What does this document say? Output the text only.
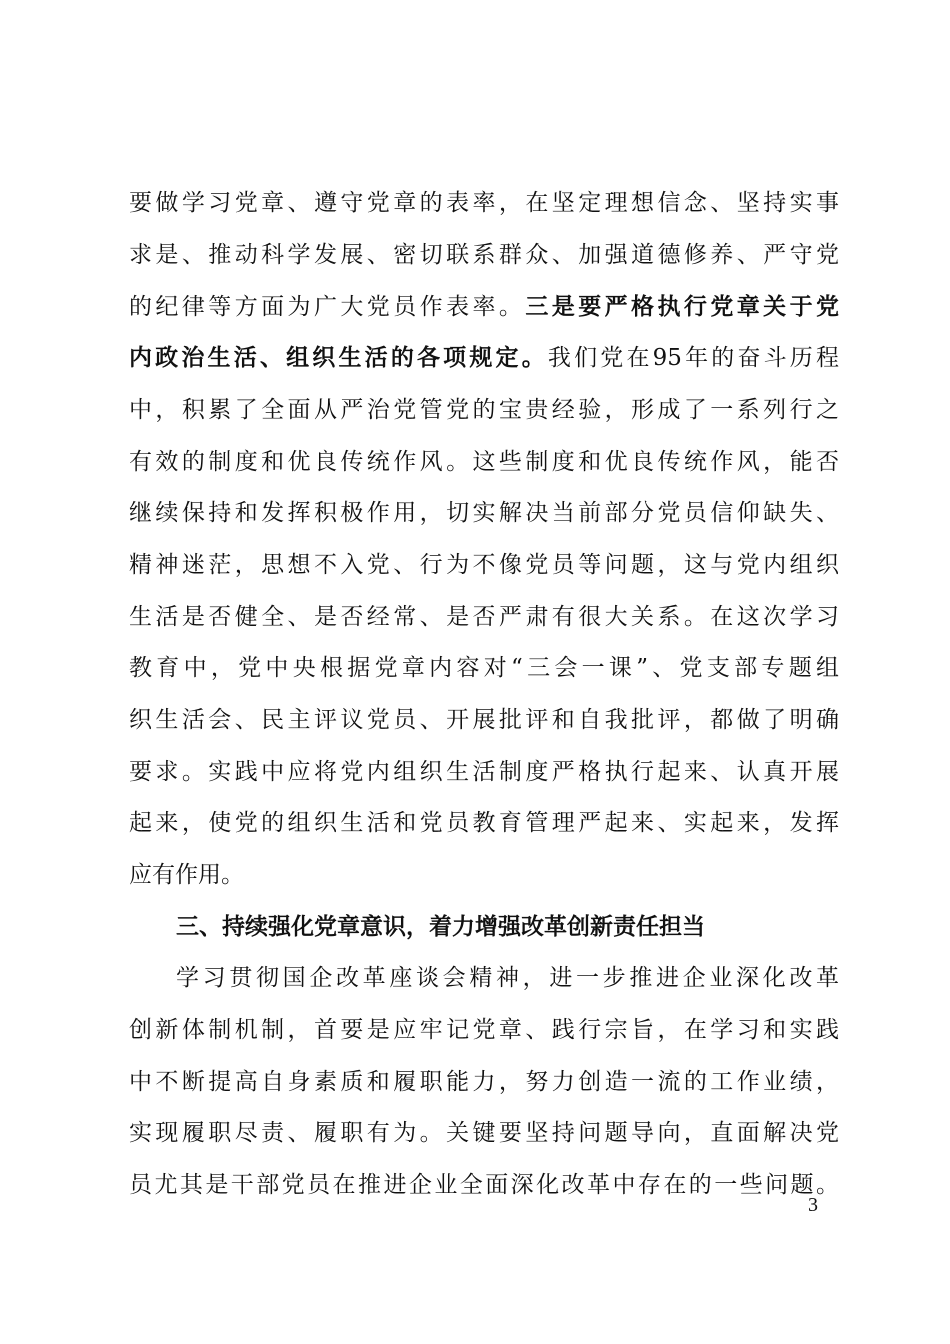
要做学习党章、遵守党章的表率，在坚定理想信念、坚持实事
求是、推动科学发展、密切联系群众、加强道德修养、严守党
的纪律等方面为广大党员作表率。三是要严格执行党章关于党
内政治生活、组织生活的各项规定。我们党在95年的奋斗历程
中，积累了全面从严治党管党的宝贵经验，形成了一系列行之
有效的制度和优良传统作风。这些制度和优良传统作风，能否
继续保持和发挥积极作用，切实解决当前部分党员信仰缺失、
精神迷茫，思想不入党、行为不像党员等问题，这与党内组织
生活是否健全、是否经常、是否严肃有很大关系。在这次学习
教育中，党中央根据党章内容对“三会一课”、党支部专题组
织生活会、民主评议党员、开展批评和自我批评，都做了明确
要求。实践中应将党内组织生活制度严格执行起来、认真开展
起来，使党的组织生活和党员教育管理严起来、实起来，发挥
应有作用。
三、持续强化党章意识，着力增强改革创新责任担当
学习贯彻国企改革座谈会精神，进一步推进企业深化改革
创新体制机制，首要是应牢记党章、践行宗旨，在学习和实践
中不断提高自身素质和履职能力，努力创造一流的工作业绩，
实现履职尽责、履职有为。关键要坚持问题导向，直面解决党
员尤其是干部党员在推进企业全面深化改革中存在的一些问题。
3
